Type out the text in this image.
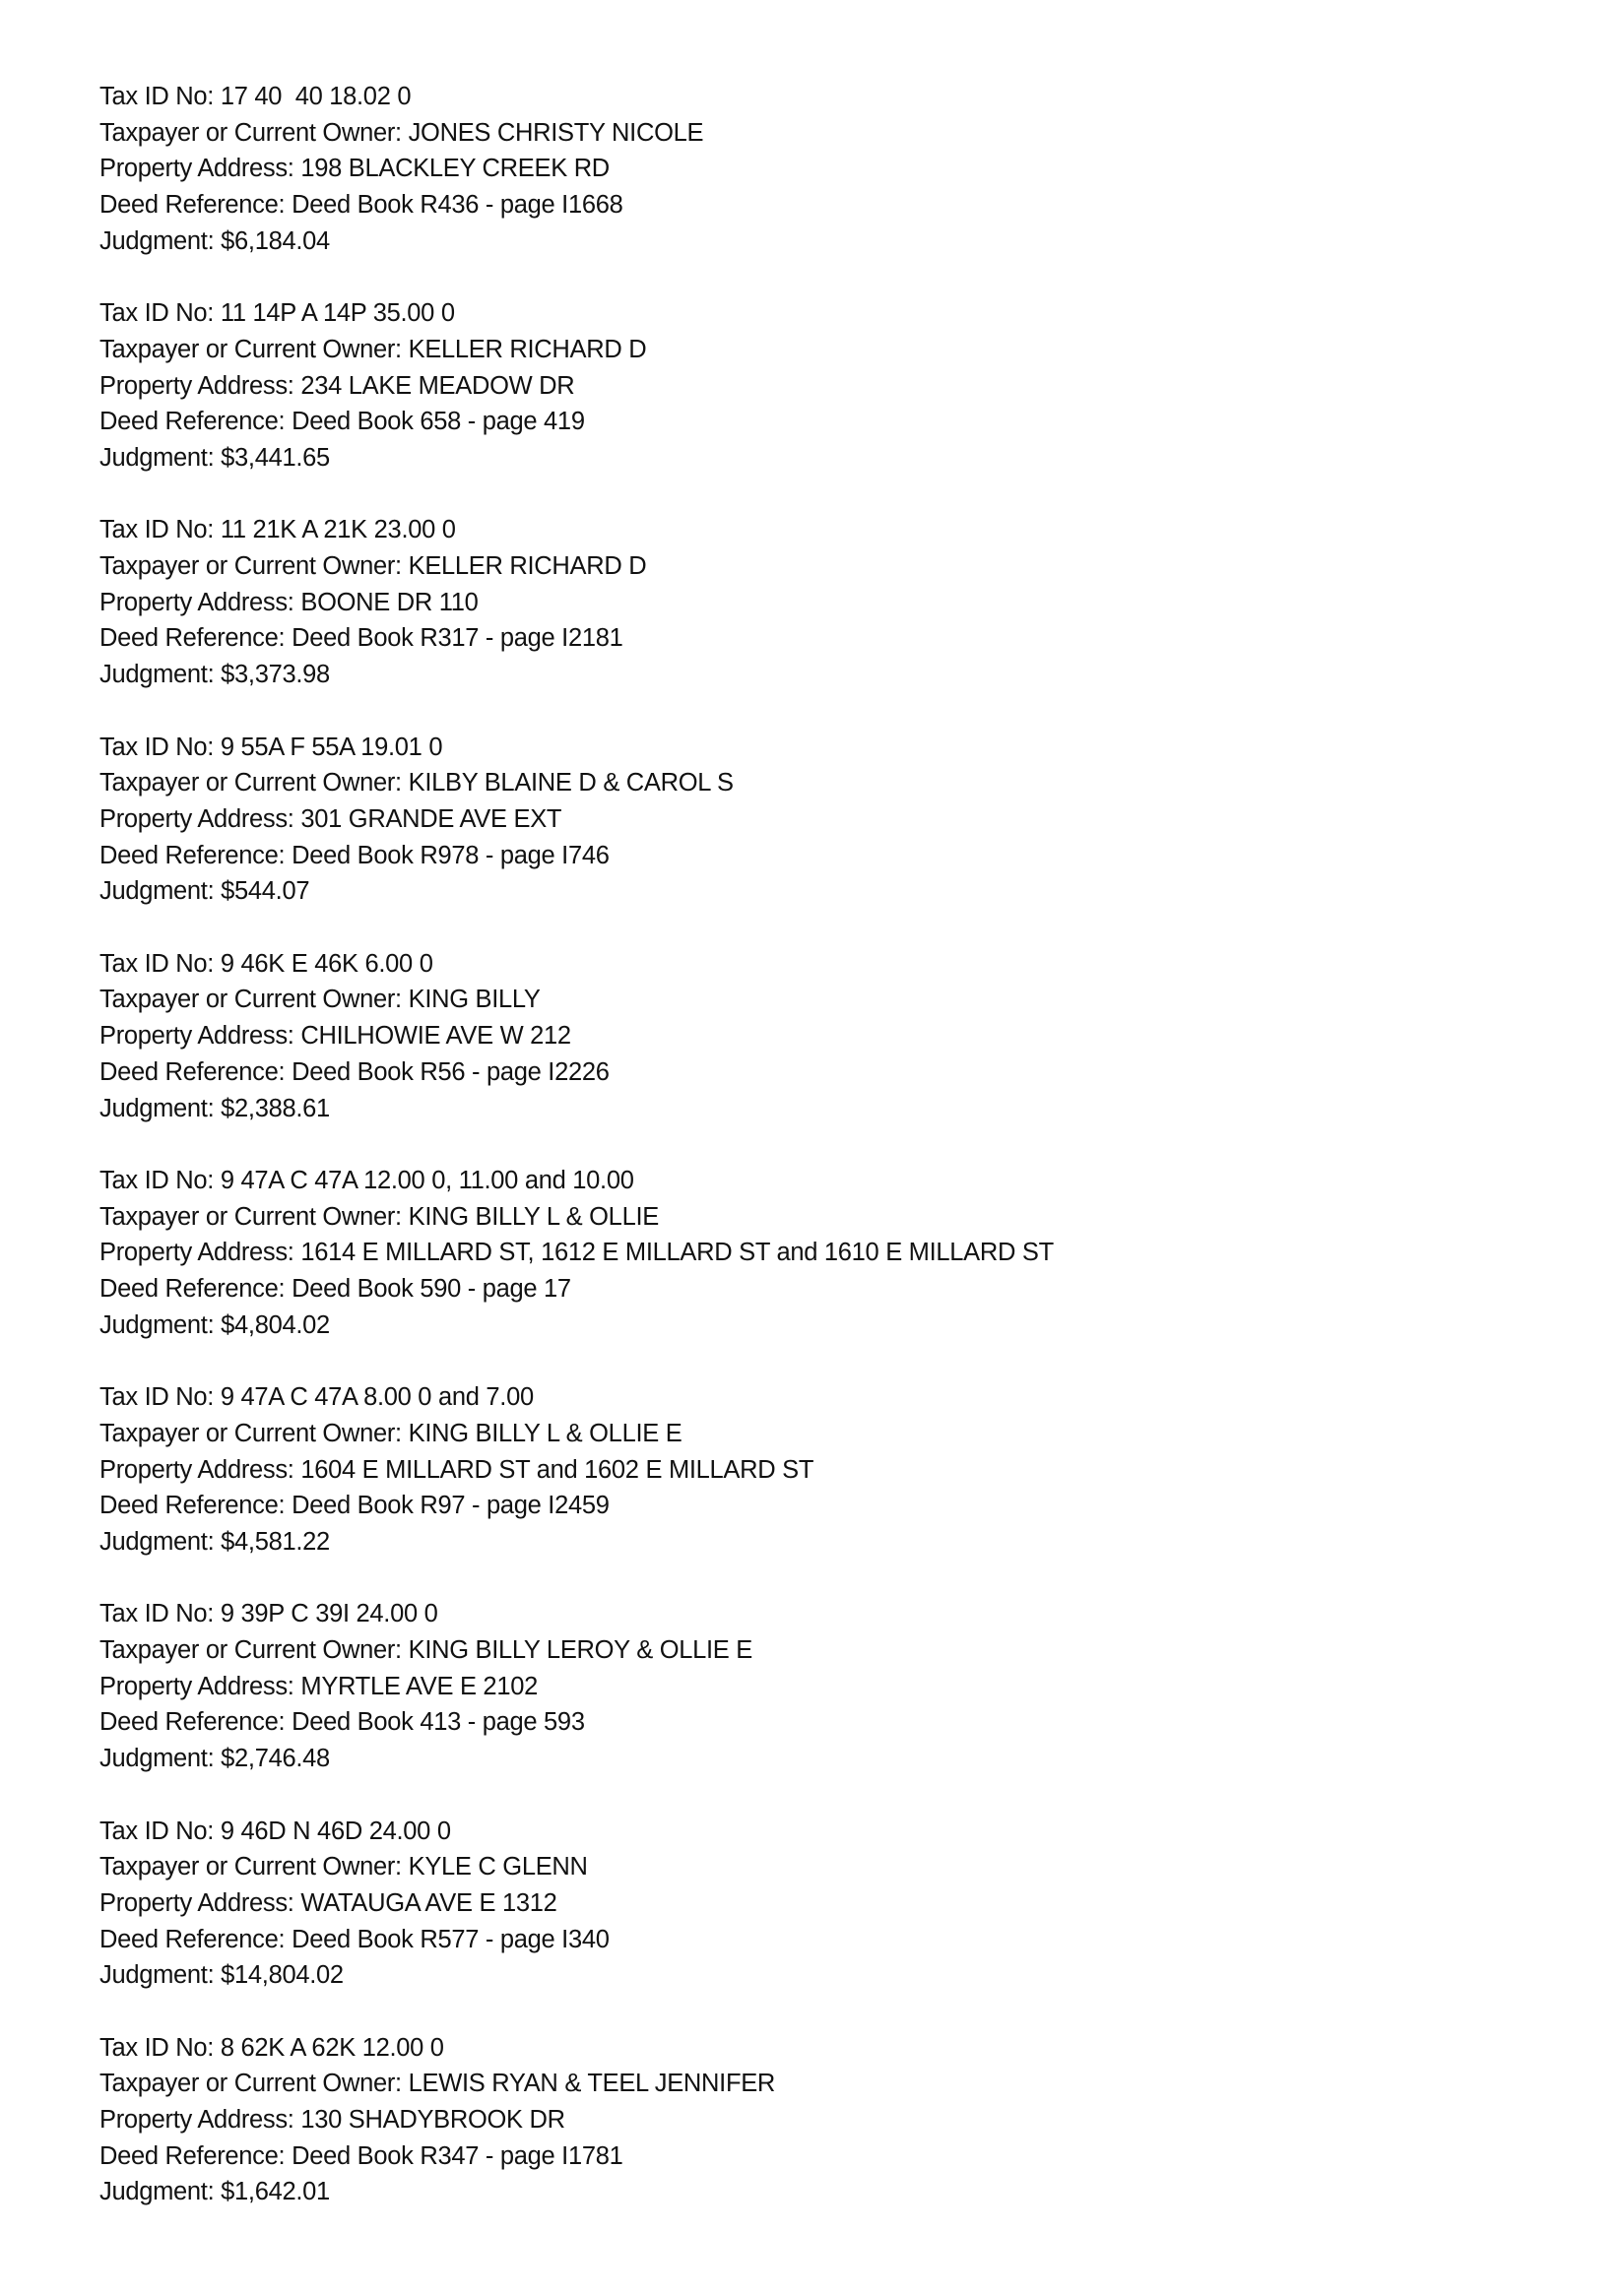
Tax ID No: 17 40  40 18.02 0
Taxpayer or Current Owner: JONES CHRISTY NICOLE
Property Address: 198 BLACKLEY CREEK RD
Deed Reference: Deed Book R436 - page I1668
Judgment: $6,184.04
Tax ID No: 11 14P A 14P 35.00 0
Taxpayer or Current Owner: KELLER RICHARD D
Property Address: 234 LAKE MEADOW DR
Deed Reference: Deed Book 658 - page 419
Judgment: $3,441.65
Tax ID No: 11 21K A 21K 23.00 0
Taxpayer or Current Owner: KELLER RICHARD D
Property Address: BOONE DR 110
Deed Reference: Deed Book R317 - page I2181
Judgment: $3,373.98
Tax ID No: 9 55A F 55A 19.01 0
Taxpayer or Current Owner: KILBY BLAINE D & CAROL S
Property Address: 301 GRANDE AVE EXT
Deed Reference: Deed Book R978 - page I746
Judgment: $544.07
Tax ID No: 9 46K E 46K 6.00 0
Taxpayer or Current Owner: KING BILLY
Property Address: CHILHOWIE AVE W 212
Deed Reference: Deed Book R56 - page I2226
Judgment: $2,388.61
Tax ID No: 9 47A C 47A 12.00 0, 11.00 and 10.00
Taxpayer or Current Owner: KING BILLY L & OLLIE
Property Address: 1614 E MILLARD ST, 1612 E MILLARD ST and 1610 E MILLARD ST
Deed Reference: Deed Book 590 - page 17
Judgment: $4,804.02
Tax ID No: 9 47A C 47A 8.00 0 and 7.00
Taxpayer or Current Owner: KING BILLY L & OLLIE E
Property Address: 1604 E MILLARD ST and 1602 E MILLARD ST
Deed Reference: Deed Book R97 - page I2459
Judgment: $4,581.22
Tax ID No: 9 39P C 39I 24.00 0
Taxpayer or Current Owner: KING BILLY LEROY & OLLIE E
Property Address: MYRTLE AVE E 2102
Deed Reference: Deed Book 413 - page 593
Judgment: $2,746.48
Tax ID No: 9 46D N 46D 24.00 0
Taxpayer or Current Owner: KYLE C GLENN
Property Address: WATAUGA AVE E 1312
Deed Reference: Deed Book R577 - page I340
Judgment: $14,804.02
Tax ID No: 8 62K A 62K 12.00 0
Taxpayer or Current Owner: LEWIS RYAN & TEEL JENNIFER
Property Address: 130 SHADYBROOK DR
Deed Reference: Deed Book R347 - page I1781
Judgment: $1,642.01
